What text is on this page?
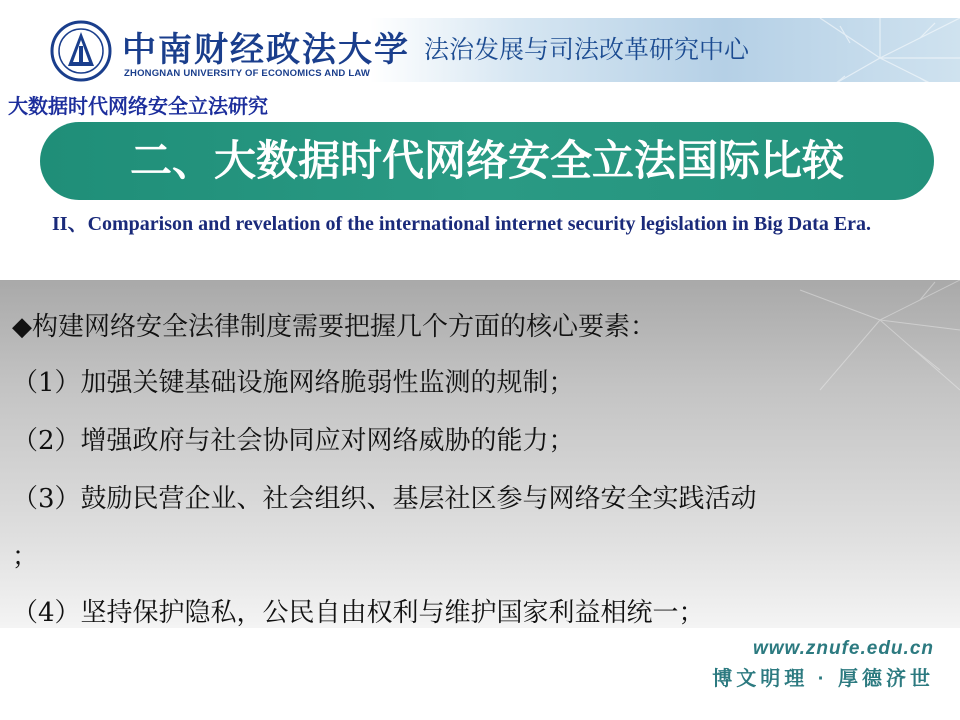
中南财经政法大学
ZHONGNAN UNIVERSITY OF ECONOMICS AND LAW
法治发展与司法改革研究中心
大数据时代网络安全立法研究
二、大数据时代网络安全立法国际比较
II、Comparison and revelation of the international internet security legislation in Big Data Era.
◆构建网络安全法律制度需要把握几个方面的核心要素：
（1）加强关键基础设施网络脆弱性监测的规制；
（2）增强政府与社会协同应对网络威胁的能力；
（3）鼓励民营企业、社会组织、基层社区参与网络安全实践活动
；
（4）坚持保护隐私，公民自由权利与维护国家利益相统一；
www.znufe.edu.cn
博文明理 · 厚德济世
